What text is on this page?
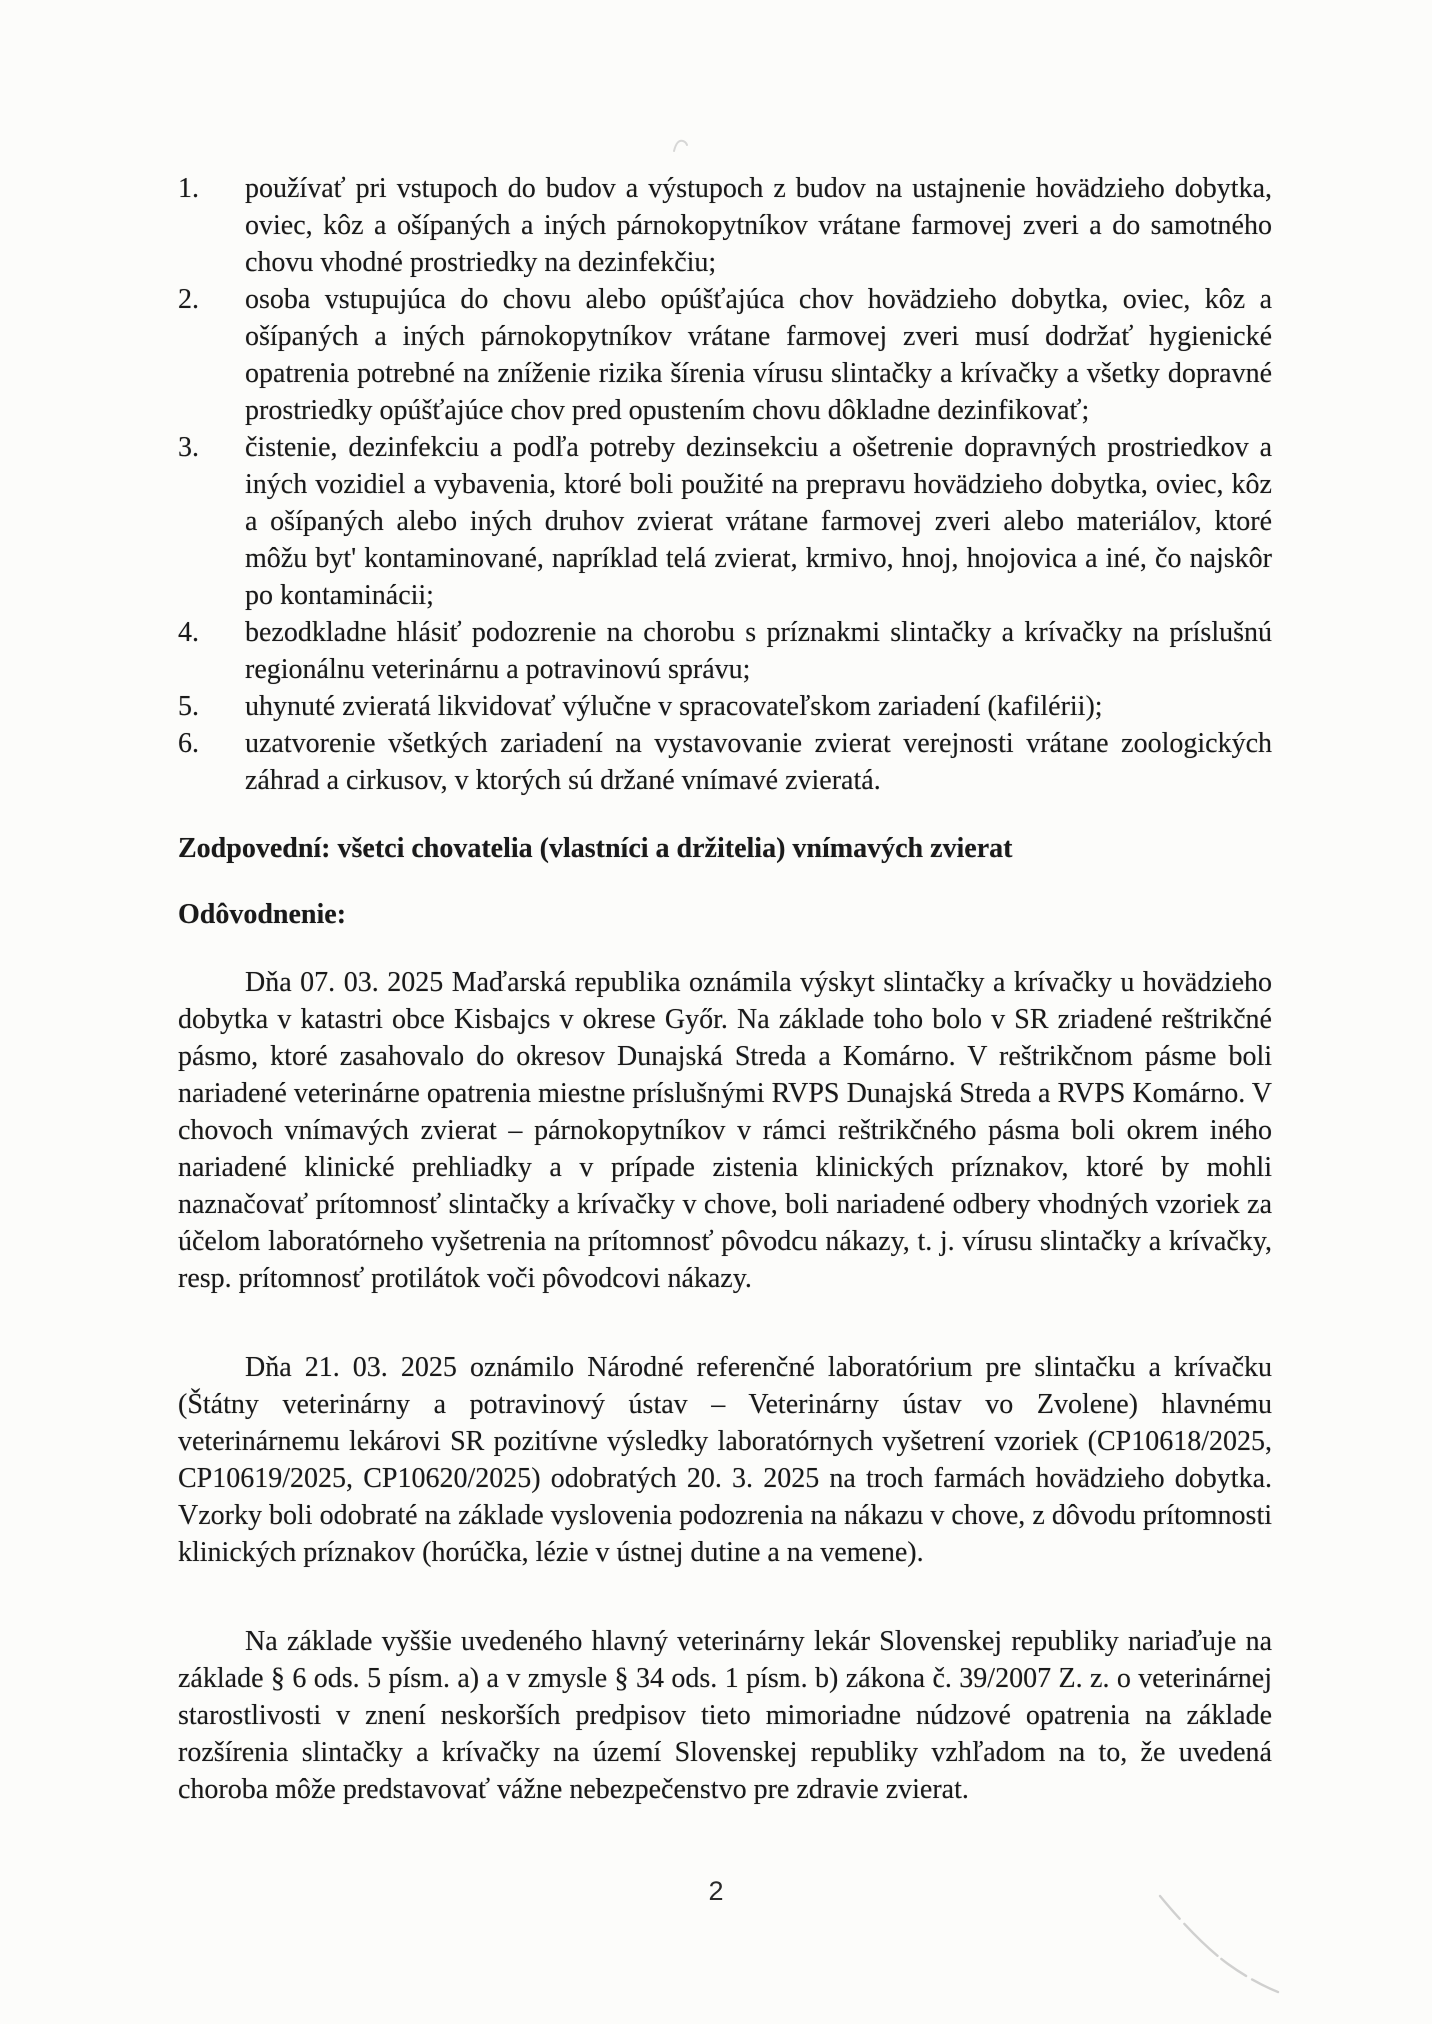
1.	používať pri vstupoch do budov a výstupoch z budov na ustajnenie hovädzieho dobytka, oviec, kôz a ošípaných a iných párnokopytníkov vrátane farmovej zveri a do samotného chovu vhodné prostriedky na dezinfekčiu;
2.	osoba vstupujúca do chovu alebo opúšťajúca chov hovädzieho dobytka, oviec, kôz a ošípaných a iných párnokopytníkov vrátane farmovej zveri musí dodržať hygienické opatrenia potrebné na zníženie rizika šírenia vírusu slintačky a krívačky a všetky dopravné prostriedky opúšťajúce chov pred opustením chovu dôkladne dezinfikovať;
3.	čistenie, dezinfekciu a podľa potreby dezinsekciu a ošetrenie dopravných prostriedkov a iných vozidiel a vybavenia, ktoré boli použité na prepravu hovädzieho dobytka, oviec, kôz a ošípaných alebo iných druhov zvierat vrátane farmovej zveri alebo materiálov, ktoré môžu byt' kontaminované, napríklad telá zvierat, krmivo, hnoj, hnojovica a iné, čo najskôr po kontaminácii;
4.	bezodkladne hlásiť podozrenie na chorobu s príznakmi slintačky a krívačky na príslušnú regionálnu veterinárnu a potravinovú správu;
5.	uhynuté zvieratá likvidovať výlučne v spracovateľskom zariadení (kafilérii);
6.	uzatvorenie všetkých zariadení na vystavovanie zvierat verejnosti vrátane zoologických záhrad a cirkusov, v ktorých sú držané vnímavé zvieratá.
Zodpovední: všetci chovatelia (vlastníci a držitelia) vnímavých zvierat
Odôvodnenie:

Dňa 07. 03. 2025 Maďarská republika oznámila výskyt slintačky a krívačky u hovädzieho dobytka v katastri obce Kisbajcs v okrese Győr. Na základe toho bolo v SR zriadené reštrikčné pásmo, ktoré zasahovalo do okresov Dunajská Streda a Komárno. V reštrikčnom pásme boli nariadené veterinárne opatrenia miestne príslušnými RVPS Dunajská Streda a RVPS Komárno. V chovoch vnímavých zvierat – párnokopytníkov v rámci reštrikčného pásma boli okrem iného nariadené klinické prehliadky a v prípade zistenia klinických príznakov, ktoré by mohli naznačovať prítomnosť slintačky a krívačky v chove, boli nariadené odbery vhodných vzoriek za účelom laboratórneho vyšetrenia na prítomnosť pôvodcu nákazy, t. j. vírusu slintačky a krívačky, resp. prítomnosť protilátok voči pôvodcovi nákazy.

Dňa 21. 03. 2025 oznámilo Národné referenčné laboratórium pre slintačku a krívačku (Štátny veterinárny a potravinový ústav – Veterinárny ústav vo Zvolene) hlavnému veterinárnemu lekárovi SR pozitívne výsledky laboratórnych vyšetrení vzoriek (CP10618/2025, CP10619/2025, CP10620/2025) odobratých 20. 3. 2025 na troch farmách hovädzieho dobytka. Vzorky boli odobraté na základe vyslovenia podozrenia na nákazu v chove, z dôvodu prítomnosti klinických príznakov (horúčka, lézie v ústnej dutine a na vemene).

Na základe vyššie uvedeného hlavný veterinárny lekár Slovenskej republiky nariaďuje na základe § 6 ods. 5 písm. a) a v zmysle § 34 ods. 1 písm. b) zákona č. 39/2007 Z. z. o veterinárnej starostlivosti v znení neskorších predpisov tieto mimoriadne núdzové opatrenia na základe rozšírenia slintačky a krívačky na území Slovenskej republiky vzhľadom na to, že uvedená choroba môže predstavovať vážne nebezpečenstvo pre zdravie zvierat.

2
